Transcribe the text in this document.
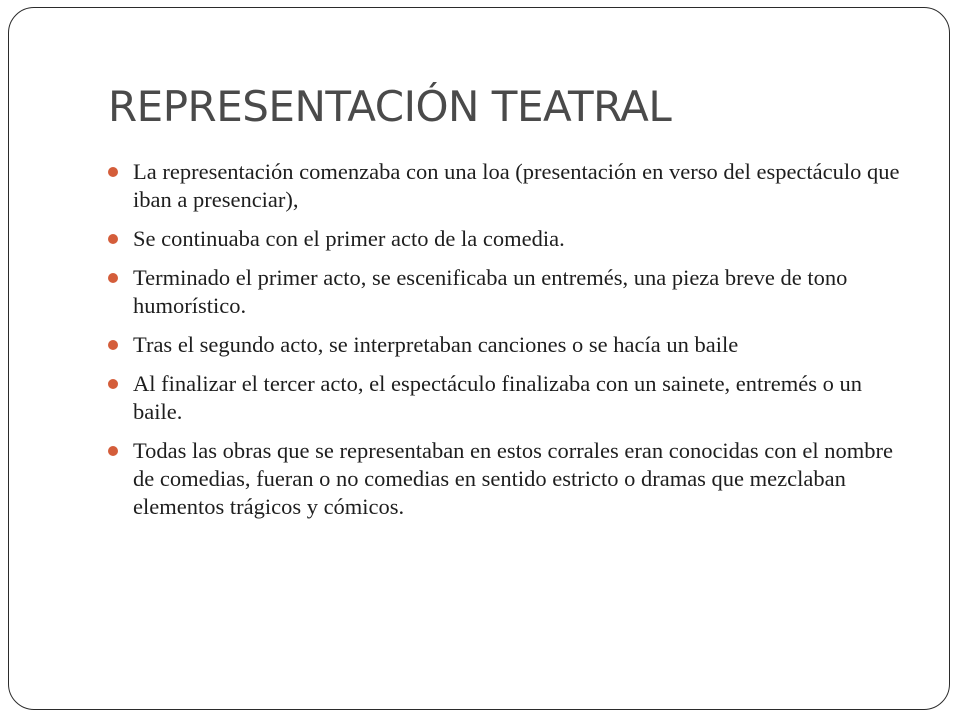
REPRESENTACIÓN TEATRAL
La representación comenzaba con una loa (presentación en verso del espectáculo que iban a presenciar),
Se continuaba con el primer acto de la comedia.
Terminado el primer acto, se escenificaba un entremés, una pieza breve de tono humorístico.
Tras el segundo acto, se interpretaban canciones o se hacía un baile
Al finalizar el tercer acto, el espectáculo finalizaba con un sainete, entremés o un baile.
Todas las obras que se representaban en estos corrales eran conocidas con el nombre de comedias, fueran o no comedias en sentido estricto o dramas que mezclaban elementos trágicos y cómicos.
